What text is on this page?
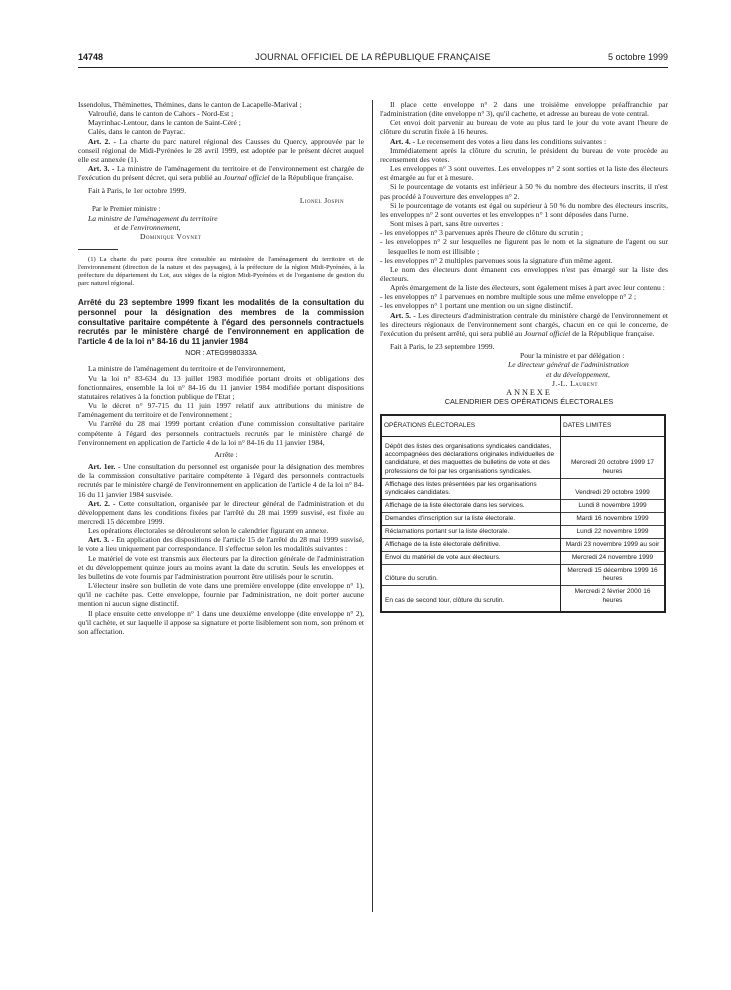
14748	JOURNAL OFFICIEL DE LA RÉPUBLIQUE FRANÇAISE	5 octobre 1999

Issendolus, Théminettes, Thémines, dans le canton de Lacapelle-Marival ;

Valroufié, dans le canton de Cahors - Nord-Est ;

Mayrinhac-Lentour, dans le canton de Saint-Céré ;

Calès, dans le canton de Payrac.

Art. 2. - La charte du parc naturel régional des Causses du Quercy, approuvée par le conseil régional de Midi-Pyrénées le 28 avril 1999, est adoptée par le présent décret auquel elle est annexée (1).

Art. 3. - La ministre de l'aménagement du territoire et de l'environnement est chargée de l'exécution du présent décret, qui sera publié au Journal officiel de la République française.

Fait à Paris, le 1er octobre 1999.

Lionel Jospin

Par le Premier ministre :

La ministre de l'aménagement du territoire

et de l'environnement,

Dominique Voynet

(1) La charte du parc pourra être consultée au ministère de l'aménagement du territoire et de l'environnement (direction de la nature et des paysages), à la préfecture de la région Midi-Pyrénées, à la préfecture du département du Lot, aux sièges de la région Midi-Pyrénées et de l'organisme de gestion du parc naturel régional.

Arrêté du 23 septembre 1999 fixant les modalités de la consultation du personnel pour la désignation des membres de la commission consultative paritaire compétente à l'égard des personnels contractuels recrutés par le ministère chargé de l'environnement en application de l'article 4 de la loi n° 84-16 du 11 janvier 1984
NOR : ATEG9980333A

La ministre de l'aménagement du territoire et de l'environnement,

Vu la loi n° 83-634 du 13 juillet 1983 modifiée portant droits et obligations des fonctionnaires, ensemble la loi n° 84-16 du 11 janvier 1984 modifiée portant dispositions statutaires relatives à la fonction publique de l'Etat ;

Vu le décret n° 97-715 du 11 juin 1997 relatif aux attributions du ministre de l'aménagement du territoire et de l'environnement ;

Vu l'arrêté du 28 mai 1999 portant création d'une commission consultative paritaire compétente à l'égard des personnels contractuels recrutés par le ministère chargé de l'environnement en application de l'article 4 de la loi n° 84-16 du 11 janvier 1984,

Arrête :

Art. 1er. - Une consultation du personnel est organisée pour la désignation des membres de la commission consultative paritaire compétente à l'égard des personnels contractuels recrutés par le ministère chargé de l'environnement en application de l'article 4 de la loi n° 84-16 du 11 janvier 1984 susvisée.

Art. 2. - Cette consultation, organisée par le directeur général de l'administration et du développement dans les conditions fixées par l'arrêté du 28 mai 1999 susvisé, est fixée au mercredi 15 décembre 1999.

Les opérations électorales se dérouleront selon le calendrier figurant en annexe.

Art. 3. - En application des dispositions de l'article 15 de l'arrêté du 28 mai 1999 susvisé, le vote a lieu uniquement par correspondance. Il s'effectue selon les modalités suivantes :

Le matériel de vote est transmis aux électeurs par la direction générale de l'administration et du développement quinze jours au moins avant la date du scrutin. Seuls les enveloppes et les bulletins de vote fournis par l'administration pourront être utilisés pour le scrutin.

L'électeur insère son bulletin de vote dans une première enveloppe (dite enveloppe n° 1), qu'il ne cachète pas. Cette enveloppe, fournie par l'administration, ne doit porter aucune mention ni aucun signe distinctif.

Il place ensuite cette enveloppe n° 1 dans une deuxième enveloppe (dite enveloppe n° 2), qu'il cachète, et sur laquelle il appose sa signature et porte lisiblement son nom, son prénom et son affectation.

Il place cette enveloppe n° 2 dans une troisième enveloppe préaffranchie par l'administration (dite enveloppe n° 3), qu'il cachette, et adresse au bureau de vote central.

Cet envoi doit parvenir au bureau de vote au plus tard le jour du vote avant l'heure de clôture du scrutin fixée à 16 heures.

Art. 4. - Le recensement des votes a lieu dans les conditions suivantes :

Immédiatement après la clôture du scrutin, le président du bureau de vote procède au recensement des votes.

Les enveloppes n° 3 sont ouvertes. Les enveloppes n° 2 sont sorties et la liste des électeurs est émargée au fur et à mesure.

Si le pourcentage de votants est inférieur à 50 % du nombre des électeurs inscrits, il n'est pas procédé à l'ouverture des enveloppes n° 2.

Si le pourcentage de votants est égal ou supérieur à 50 % du nombre des électeurs inscrits, les enveloppes n° 2 sont ouvertes et les enveloppes n° 1 sont déposées dans l'urne.

Sont mises à part, sans être ouvertes :

- les enveloppes n° 3 parvenues après l'heure de clôture du scrutin ;

- les enveloppes n° 2 sur lesquelles ne figurent pas le nom et la signature de l'agent ou sur lesquelles le nom est illisible ;

- les enveloppes n° 2 multiples parvenues sous la signature d'un même agent.

Le nom des électeurs dont émanent ces enveloppes n'est pas émargé sur la liste des électeurs.

Après émargement de la liste des électeurs, sont également mises à part avec leur contenu :

- les enveloppes n° 1 parvenues en nombre multiple sous une même enveloppe n° 2 ;

- les enveloppes n° 1 portant une mention ou un signe distinctif.

Art. 5. - Les directeurs d'administration centrale du ministère chargé de l'environnement et les directeurs régionaux de l'environnement sont chargés, chacun en ce qui le concerne, de l'exécution du présent arrêté, qui sera publié au Journal officiel de la République française.

Fait à Paris, le 23 septembre 1999.

Pour la ministre et par délégation :

Le directeur général de l'administration

et du développement,

J.-L. Laurent

ANNEXE

CALENDRIER DES OPÉRATIONS ÉLECTORALES

OPÉRATIONS ÉLECTORALES	DATES LIMITES
Dépôt des listes des organisations syndicales candidates, accompagnées des déclarations originales individuelles de candidature, et des maquettes de bulletins de vote et des professions de foi par les organisations syndicales.	Mercredi 20 octobre 1999 17 heures
Affichage des listes présentées par les organisations syndicales candidates.	Vendredi 29 octobre 1999
Affichage de la liste électorale dans les services.	Lundi 8 novembre 1999
Demandes d'inscription sur la liste électorale.	Mardi 16 novembre 1999
Réclamations portant sur la liste électorale.	Lundi 22 novembre 1999
Affichage de la liste électorale définitive.	Mardi 23 novembre 1999 au soir
Envoi du matériel de vote aux électeurs.	Mercredi 24 novembre 1999
Clôture du scrutin.	Mercredi 15 décembre 1999 16 heures
En cas de second tour, clôture du scrutin.	Mercredi 2 février 2000 16 heures
